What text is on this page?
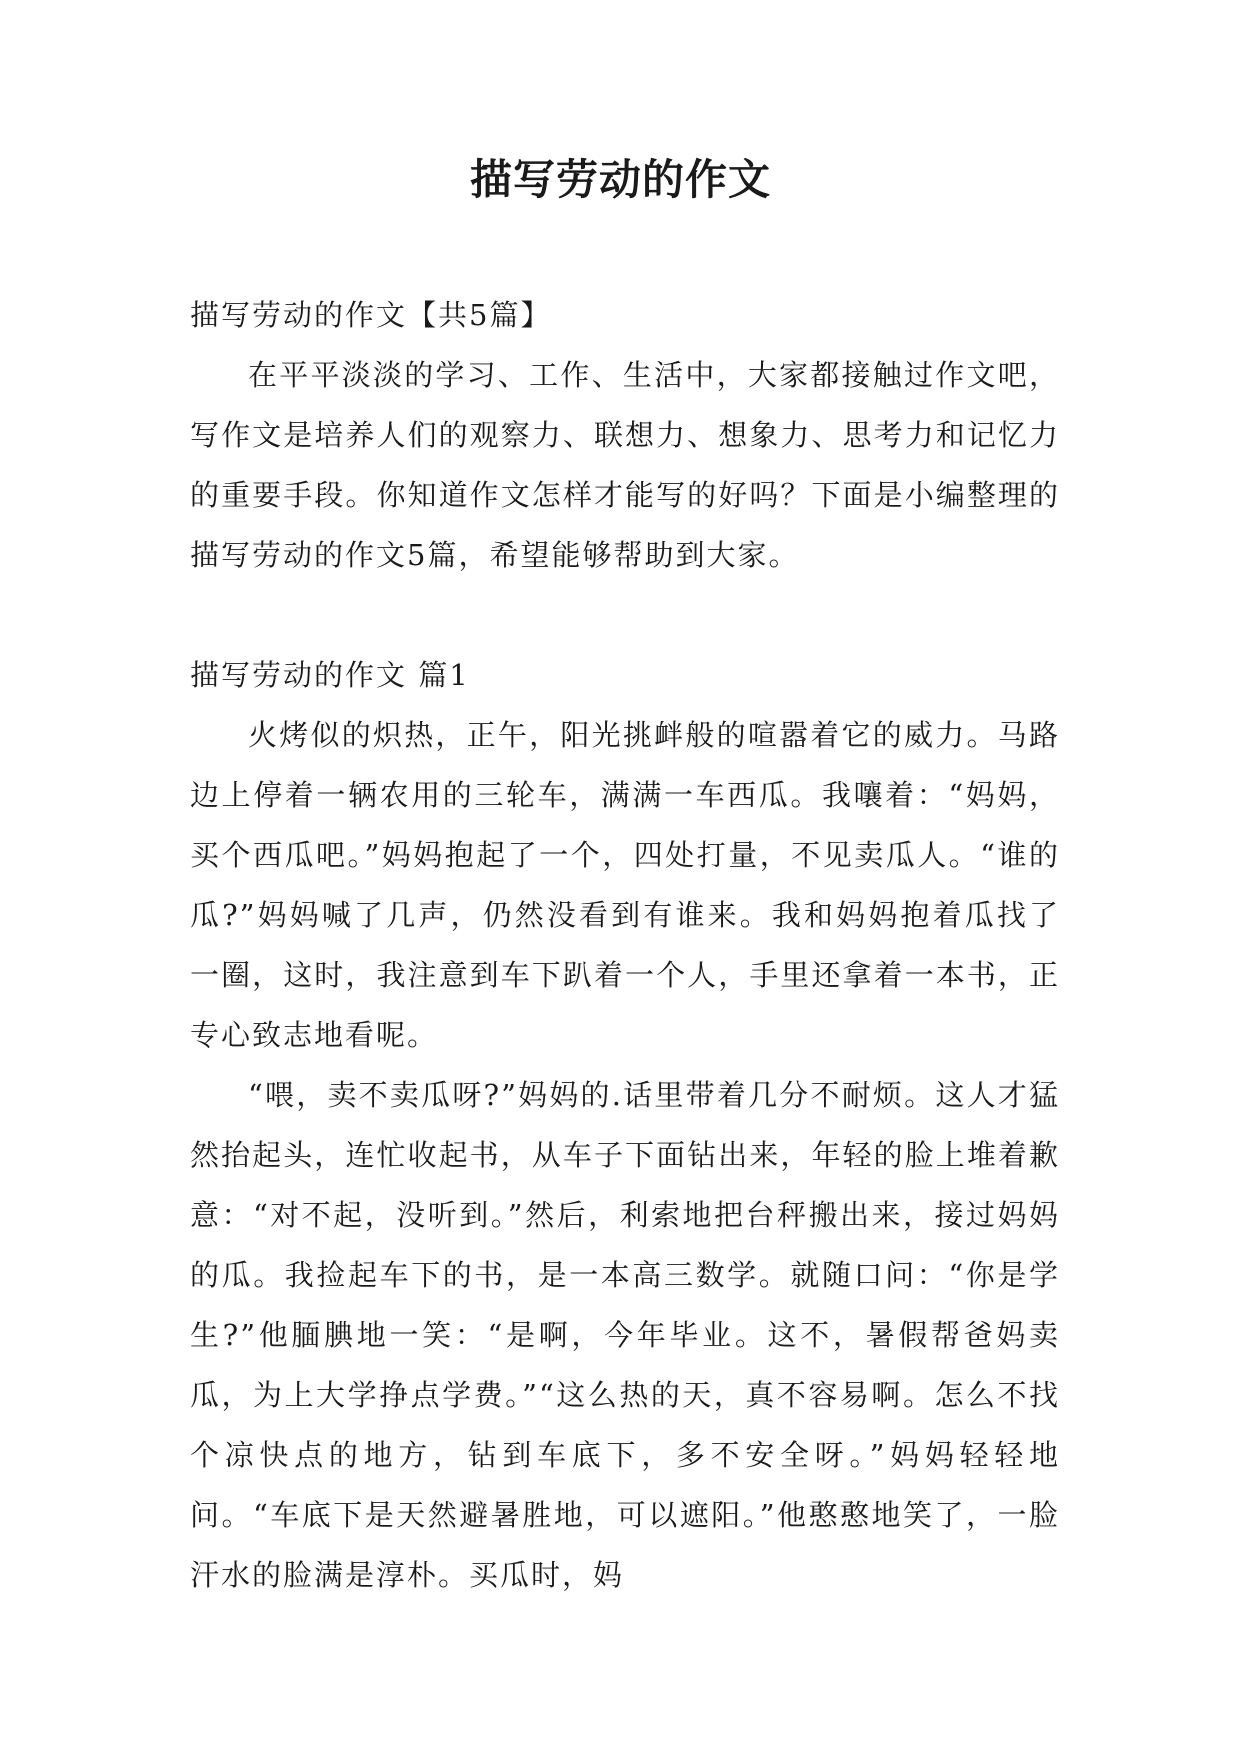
描写劳动的作文

描写劳动的作文【共5篇】

在平平淡淡的学习、工作、生活中，大家都接触过作文吧，写作文是培养人们的观察力、联想力、想象力、思考力和记忆力的重要手段。你知道作文怎样才能写的好吗？下面是小编整理的描写劳动的作文5篇，希望能够帮助到大家。

描写劳动的作文 篇1

火烤似的炽热，正午，阳光挑衅般的喧嚣着它的威力。马路边上停着一辆农用的三轮车，满满一车西瓜。我嚷着：“妈妈，买个西瓜吧。”妈妈抱起了一个，四处打量，不见卖瓜人。“谁的瓜?”妈妈喊了几声，仍然没看到有谁来。我和妈妈抱着瓜找了一圈，这时，我注意到车下趴着一个人，手里还拿着一本书，正专心致志地看呢。

“喂，卖不卖瓜呀?”妈妈的.话里带着几分不耐烦。这人才猛然抬起头，连忙收起书，从车子下面钻出来，年轻的脸上堆着歉意：“对不起，没听到。”然后，利索地把台秤搬出来，接过妈妈的瓜。我捡起车下的书，是一本高三数学。就随口问：“你是学生?”他腼腆地一笑：“是啊，今年毕业。这不，暑假帮爸妈卖瓜，为上大学挣点学费。”“这么热的天，真不容易啊。怎么不找个凉快点的地方，钻到车底下，多不安全呀。”妈妈轻轻地问。“车底下是天然避暑胜地，可以遮阳。”他憨憨地笑了，一脸汗水的脸满是淳朴。买瓜时，妈
